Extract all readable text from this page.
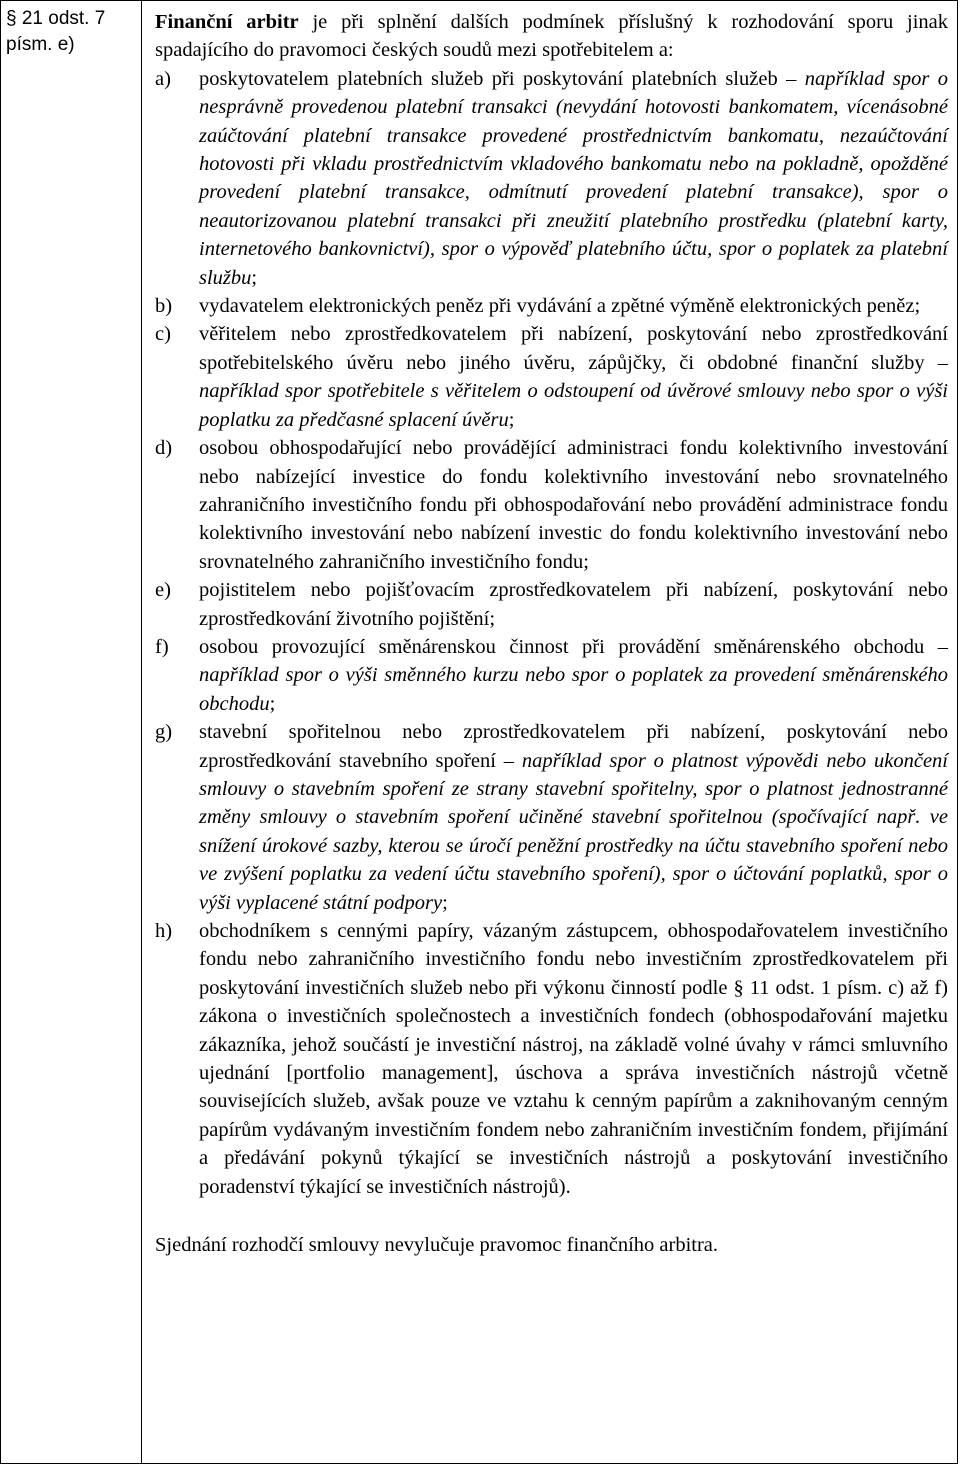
§ 21 odst. 7
písm. e)

Finanční arbitr je při splnění dalších podmínek příslušný k rozhodování sporu jinak spadajícího do pravomoci českých soudů mezi spotřebitelem a:

a)	poskytovatelem platebních služeb při poskytování platebních služeb – například spor o nesprávně provedenou platební transakci (nevydání hotovosti bankomatem, vícenásobné zaúčtování platební transakce provedené prostřednictvím bankomatu, nezaúčtování hotovosti při vkladu prostřednictvím vkladového bankomatu nebo na pokladně, opožděné provedení platební transakce, odmítnutí provedení platební transakce), spor o neautorizovanou platební transakci při zneužití platebního prostředku (platební karty, internetového bankovnictví), spor o výpověď platebního účtu, spor o poplatek za platební službu;
b)	vydavatelem elektronických peněz při vydávání a zpětné výměně elektronických peněz;
c)	věřitelem nebo zprostředkovatelem při nabízení, poskytování nebo zprostředkování spotřebitelského úvěru nebo jiného úvěru, zápůjčky, či obdobné finanční služby – například spor spotřebitele s věřitelem o odstoupení od úvěrové smlouvy nebo spor o výši poplatku za předčasné splacení úvěru;
d)	osobou obhospodařující nebo provádějící administraci fondu kolektivního investování nebo nabízející investice do fondu kolektivního investování nebo srovnatelného zahraničního investičního fondu při obhospodařování nebo provádění administrace fondu kolektivního investování nebo nabízení investic do fondu kolektivního investování nebo srovnatelného zahraničního investičního fondu;
e)	pojistitelem nebo pojišťovacím zprostředkovatelem při nabízení, poskytování nebo zprostředkování životního pojištění;
f)	osobou provozující směnárenskou činnost při provádění směnárenského obchodu – například spor o výši směnného kurzu nebo spor o poplatek za provedení směnárenského obchodu;
g)	stavební spořitelnou nebo zprostředkovatelem při nabízení, poskytování nebo zprostředkování stavebního spoření – například spor o platnost výpovědi nebo ukončení smlouvy o stavebním spoření ze strany stavební spořitelny, spor o platnost jednostranné změny smlouvy o stavebním spoření učiněné stavební spořitelnou (spočívající např. ve snížení úrokové sazby, kterou se úročí peněžní prostředky na účtu stavebního spoření nebo ve zvýšení poplatku za vedení účtu stavebního spoření), spor o účtování poplatků, spor o výši vyplacené státní podpory;
h)	obchodníkem s cennými papíry, vázaným zástupcem, obhospodařovatelem investičního fondu nebo zahraničního investičního fondu nebo investičním zprostředkovatelem při poskytování investičních služeb nebo při výkonu činností podle § 11 odst. 1 písm. c) až f) zákona o investičních společnostech a investičních fondech (obhospodařování majetku zákazníka, jehož součástí je investiční nástroj, na základě volné úvahy v rámci smluvního ujednání [portfolio management], úschova a správa investičních nástrojů včetně souvisejících služeb, avšak pouze ve vztahu k cenným papírům a zaknihovaným cenným papírům vydávaným investičním fondem nebo zahraničním investičním fondem, přijímání a předávání pokynů týkající se investičních nástrojů a poskytování investičního poradenství týkající se investičních nástrojů).

Sjednání rozhodčí smlouvy nevylučuje pravomoc finančního arbitra.
